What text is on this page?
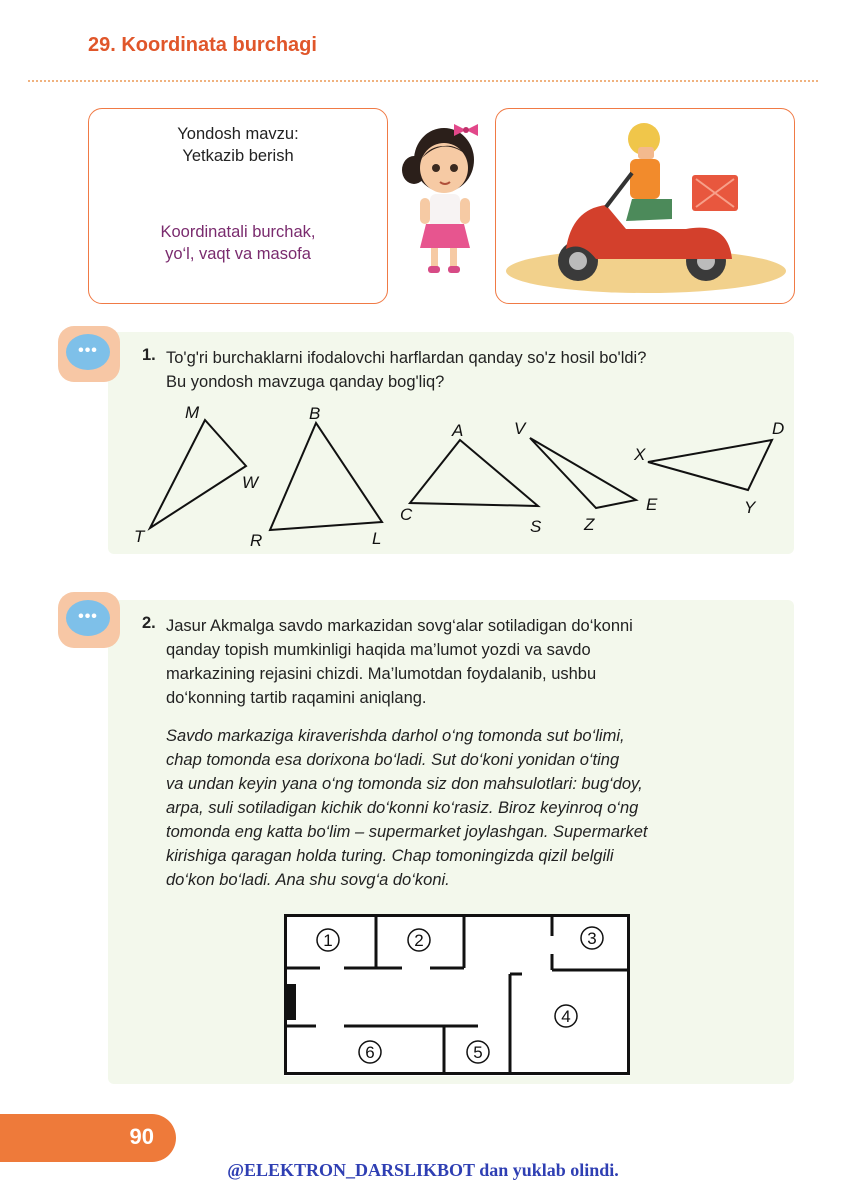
29. Koordinata burchagi
Yondosh mavzu:
Yetkazib berish
Koordinatali burchak,
yo‘l, vaqt va masofa
•••	1. To'g'ri burchaklarni ifodalovchi harflardan qanday so'z hosil bo'ldi?
Bu yondosh mavzuga qanday bog'liq?
M
W
T
B
R	L
A
C
S
V
Z
E
X
D
Y
•••	2. Jasur Akmalga savdo markazidan sovg‘alar sotiladigan do‘konni
qanday topish mumkinligi haqida ma’lumot yozdi va savdo
markazining rejasini chizdi. Ma’lumotdan foydalanib, ushbu
do‘konning tartib raqamini aniqlang.
Savdo markaziga kiraverishda darhol o‘ng tomonda sut bo‘limi,
chap tomonda esa dorixona bo‘ladi. Sut do‘koni yonidan o‘ting
va undan keyin yana o‘ng tomonda siz don mahsulotlari: bug‘doy,
arpa, suli sotiladigan kichik do‘konni ko‘rasiz. Biroz keyinroq o‘ng
tomonda eng katta bo‘lim – supermarket joylashgan. Supermarket
kirishiga qaragan holda turing. Chap tomoningizda qizil belgili
do‘kon bo‘ladi. Ana shu sovg‘a do‘koni.
1	2	3
4
5
6
90
@ELEKTRON_DARSLIKBOT dan yuklab olindi.
